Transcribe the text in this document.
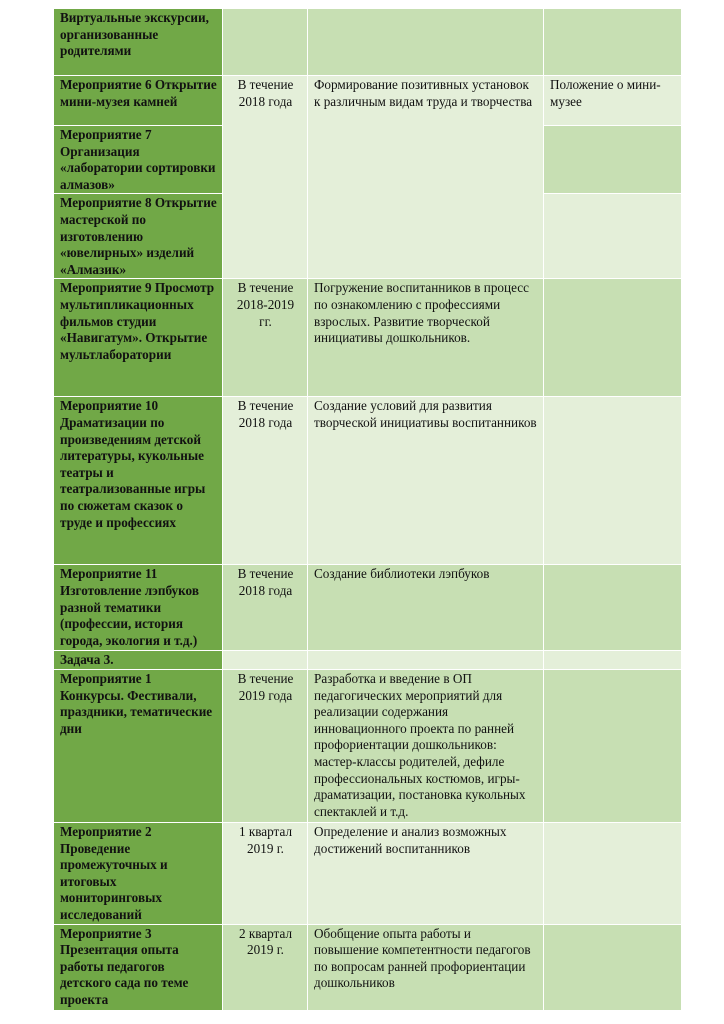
Виртуальные экскурсии, организованные родителями			
Мероприятие 6 Открытие мини-музея камней	В течение 2018 года	Формирование позитивных установок к различным видам труда и творчества	Положение о мини-музее
Мероприятие 7 Организация «лаборатории сортировки алмазов»			
Мероприятие 8 Открытие мастерской по изготовлению «ювелирных» изделий «Алмазик»			
Мероприятие 9 Просмотр мультипликационных фильмов студии «Навигатум». Открытие мультлаборатории	В течение 2018-2019 гг.	Погружение воспитанников в процесс по ознакомлению с профессиями взрослых. Развитие творческой инициативы дошкольников.	
Мероприятие 10 Драматизации по произведениям детской литературы, кукольные театры и театрализованные игры по сюжетам сказок о труде и профессиях	В течение 2018 года	Создание условий для развития творческой инициативы воспитанников	
Мероприятие 11 Изготовление лэпбуков разной тематики (профессии, история города, экология и т.д.)	В течение 2018 года	Создание библиотеки лэпбуков	
Задача 3.			
Мероприятие 1 Конкурсы. Фестивали, праздники, тематические дни	В течение 2019 года	Разработка и введение в ОП педагогических мероприятий для реализации содержания инновационного проекта по ранней профориентации дошкольников: мастер-классы родителей, дефиле профессиональных костюмов, игры-драматизации, постановка кукольных спектаклей и т.д.	
Мероприятие 2 Проведение промежуточных и итоговых мониторинговых исследований	1 квартал 2019 г.	Определение и анализ возможных достижений воспитанников	
Мероприятие 3 Презентация опыта работы педагогов детского сада по теме проекта	2 квартал 2019 г.	Обобщение опыта работы и повышение компетентности педагогов по вопросам ранней профориентации дошкольников	
